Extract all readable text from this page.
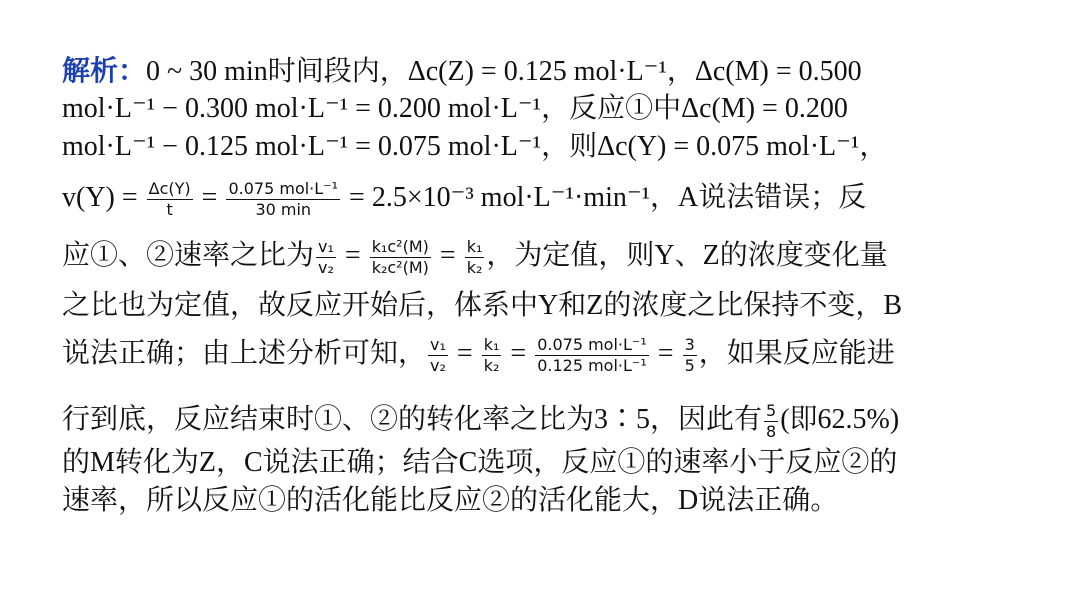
解析：0 ~ 30 min时间段内，Δc(Z) = 0.125 mol·L⁻¹，Δc(M) = 0.500
mol·L⁻¹ − 0.300 mol·L⁻¹ = 0.200 mol·L⁻¹，反应①中Δc(M) = 0.200
mol·L⁻¹ − 0.125 mol·L⁻¹ = 0.075 mol·L⁻¹，则Δc(Y) = 0.075 mol·L⁻¹，
$v(Y) = \frac{\Delta c(Y)}{t} = \frac{\text{0.075 mol·L⁻¹}}{30 \min} = 2.5\times 10^{-3}$ mol·L⁻¹·min⁻¹，A说法错误；反
应①、②速率之比为 $\frac{\text{v₁}}{\text{v₂}} = \frac{\text{k₁c²(M)}}{\text{k₂c²(M)}} = \frac{\text{k₁}}{\text{k₂}}$ ，为定值，则Y、Z的浓度变化量
之比也为定值，故反应开始后，体系中Y和Z的浓度之比保持不变，B
说法正确；由上述分析可知， $\frac{\text{v₁}}{\text{v₂}} = \frac{\text{k₁}}{\text{k₂}} = \frac{\text{0.075 mol·L⁻¹}}{\text{0.125 mol·L⁻¹}} = \frac{3}{5}$ ，如果反应能进
行到底，反应结束时①、②的转化率之比为3∶5，因此有 $\frac{5}{8}$ (即62.5%)
的M转化为Z，C说法正确；结合C选项，反应①的速率小于反应②的
速率，所以反应①的活化能比反应②的活化能大，D说法正确。
